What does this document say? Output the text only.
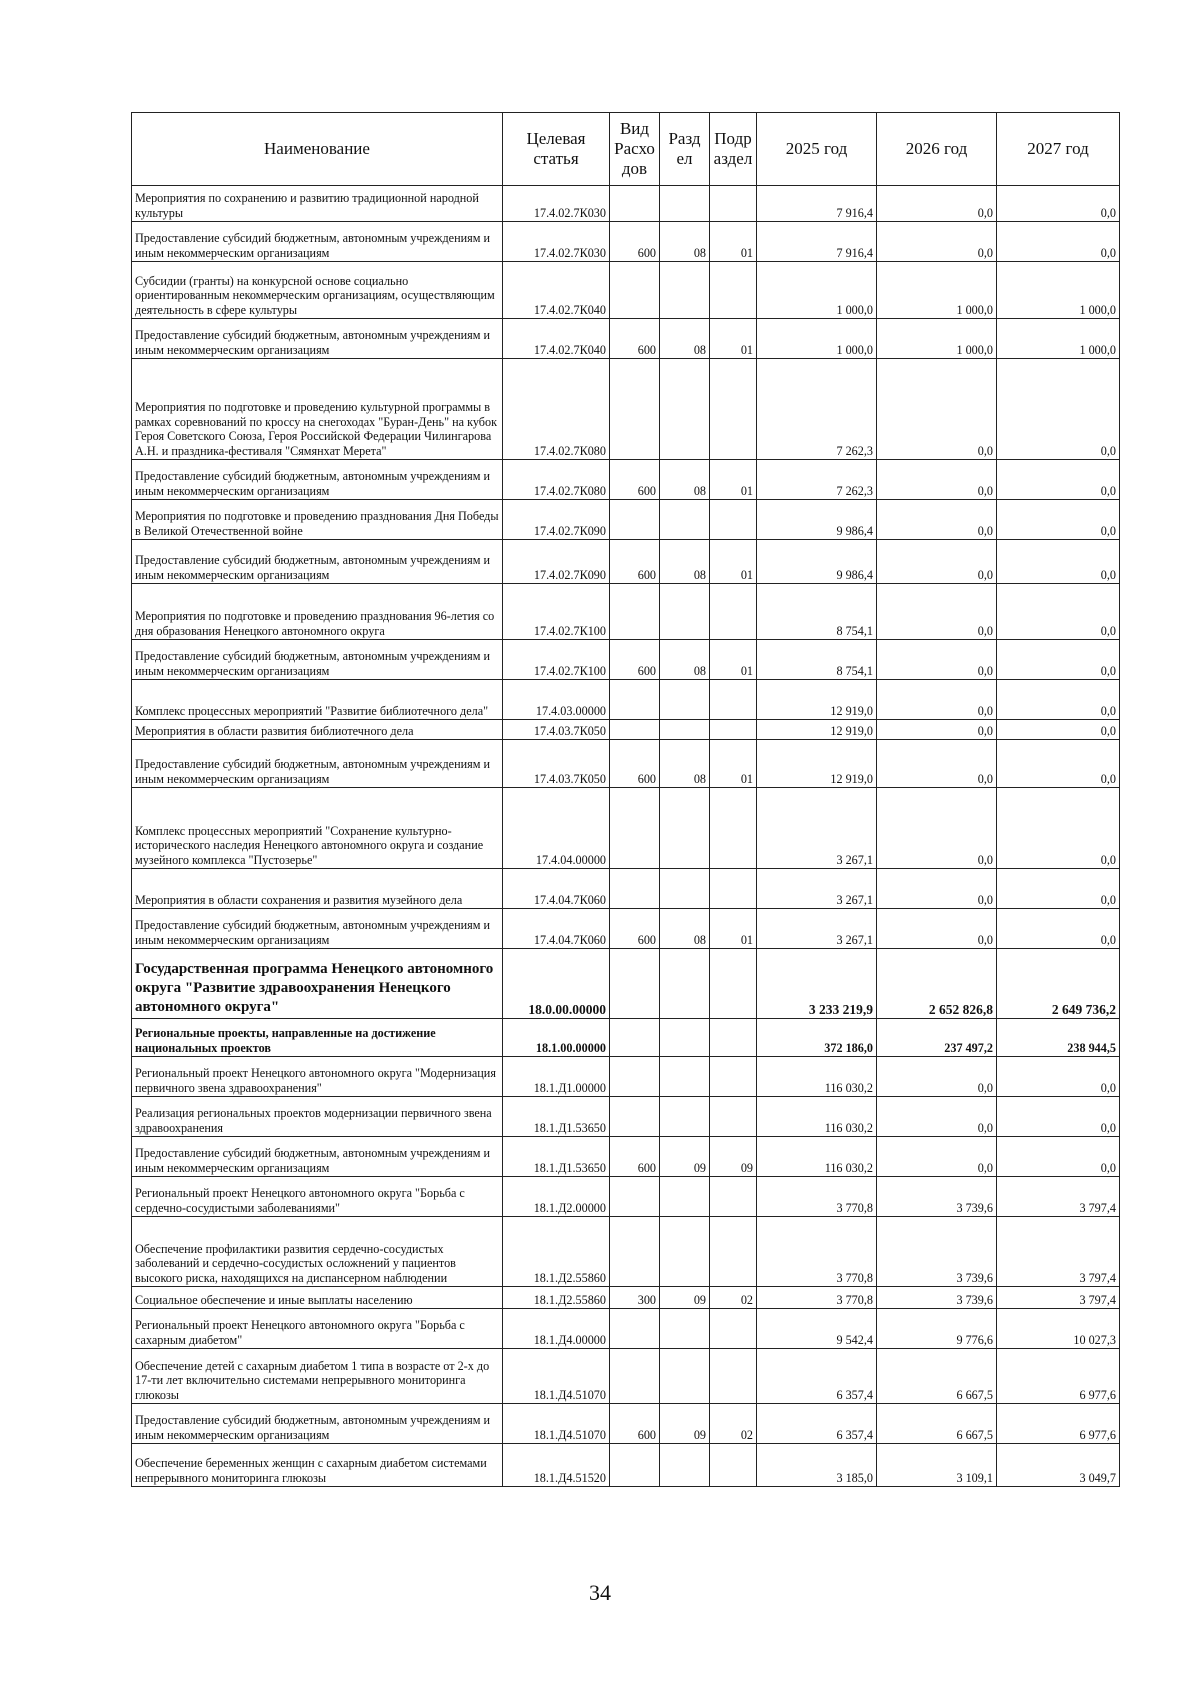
Наименование	Целевая статья	Вид Расхо дов	Разд ел	Подр аздел	2025 год	2026 год	2027 год
Мероприятия по сохранению и развитию традиционной народной культуры	17.4.02.7К030				7 916,4	0,0	0,0
Предоставление субсидий бюджетным, автономным учреждениям и иным некоммерческим организациям	17.4.02.7К030	600	08	01	7 916,4	0,0	0,0
Субсидии (гранты) на конкурсной основе социально ориентированным некоммерческим организациям, осуществляющим деятельность в сфере культуры	17.4.02.7К040				1 000,0	1 000,0	1 000,0
Предоставление субсидий бюджетным, автономным учреждениям и иным некоммерческим организациям	17.4.02.7К040	600	08	01	1 000,0	1 000,0	1 000,0
Мероприятия по подготовке и проведению культурной программы в рамках соревнований по кроссу на снегоходах "Буран-День" на кубок Героя Советского Союза, Героя Российской Федерации Чилингарова А.Н. и праздника-фестиваля "Сямянхат Мерета"	17.4.02.7К080				7 262,3	0,0	0,0
Предоставление субсидий бюджетным, автономным учреждениям и иным некоммерческим организациям	17.4.02.7К080	600	08	01	7 262,3	0,0	0,0
Мероприятия по подготовке и проведению празднования Дня Победы в Великой Отечественной войне	17.4.02.7К090				9 986,4	0,0	0,0
Предоставление субсидий бюджетным, автономным учреждениям и иным некоммерческим организациям	17.4.02.7К090	600	08	01	9 986,4	0,0	0,0
Мероприятия по подготовке и проведению празднования 96-летия со дня образования Ненецкого автономного округа	17.4.02.7К100				8 754,1	0,0	0,0
Предоставление субсидий бюджетным, автономным учреждениям и иным некоммерческим организациям	17.4.02.7К100	600	08	01	8 754,1	0,0	0,0
Комплекс процессных мероприятий "Развитие библиотечного дела"	17.4.03.00000				12 919,0	0,0	0,0
Мероприятия в области развития библиотечного дела	17.4.03.7К050				12 919,0	0,0	0,0
Предоставление субсидий бюджетным, автономным учреждениям и иным некоммерческим организациям	17.4.03.7К050	600	08	01	12 919,0	0,0	0,0
Комплекс процессных мероприятий "Сохранение культурно-исторического наследия Ненецкого автономного округа и создание музейного комплекса "Пустозерье"	17.4.04.00000				3 267,1	0,0	0,0
Мероприятия в области сохранения и развития музейного дела	17.4.04.7К060				3 267,1	0,0	0,0
Предоставление субсидий бюджетным, автономным учреждениям и иным некоммерческим организациям	17.4.04.7К060	600	08	01	3 267,1	0,0	0,0
Государственная программа Ненецкого автономного округа "Развитие здравоохранения Ненецкого автономного округа"	18.0.00.00000				3 233 219,9	2 652 826,8	2 649 736,2
Региональные проекты, направленные на достижение национальных проектов	18.1.00.00000				372 186,0	237 497,2	238 944,5
Региональный проект Ненецкого автономного округа "Модернизация первичного звена здравоохранения"	18.1.Д1.00000				116 030,2	0,0	0,0
Реализация региональных проектов модернизации первичного звена здравоохранения	18.1.Д1.53650				116 030,2	0,0	0,0
Предоставление субсидий бюджетным, автономным учреждениям и иным некоммерческим организациям	18.1.Д1.53650	600	09	09	116 030,2	0,0	0,0
Региональный проект Ненецкого автономного округа "Борьба с сердечно-сосудистыми заболеваниями"	18.1.Д2.00000				3 770,8	3 739,6	3 797,4
Обеспечение профилактики развития сердечно-сосудистых заболеваний и сердечно-сосудистых осложнений у пациентов высокого риска, находящихся на диспансерном наблюдении	18.1.Д2.55860				3 770,8	3 739,6	3 797,4
Социальное обеспечение и иные выплаты населению	18.1.Д2.55860	300	09	02	3 770,8	3 739,6	3 797,4
Региональный проект Ненецкого автономного округа "Борьба с сахарным диабетом"	18.1.Д4.00000				9 542,4	9 776,6	10 027,3
Обеспечение детей с сахарным диабетом 1 типа в возрасте от 2-х до 17-ти лет включительно системами непрерывного мониторинга глюкозы	18.1.Д4.51070				6 357,4	6 667,5	6 977,6
Предоставление субсидий бюджетным, автономным учреждениям и иным некоммерческим организациям	18.1.Д4.51070	600	09	02	6 357,4	6 667,5	6 977,6
Обеспечение беременных женщин с сахарным диабетом системами непрерывного мониторинга глюкозы	18.1.Д4.51520				3 185,0	3 109,1	3 049,7
34
